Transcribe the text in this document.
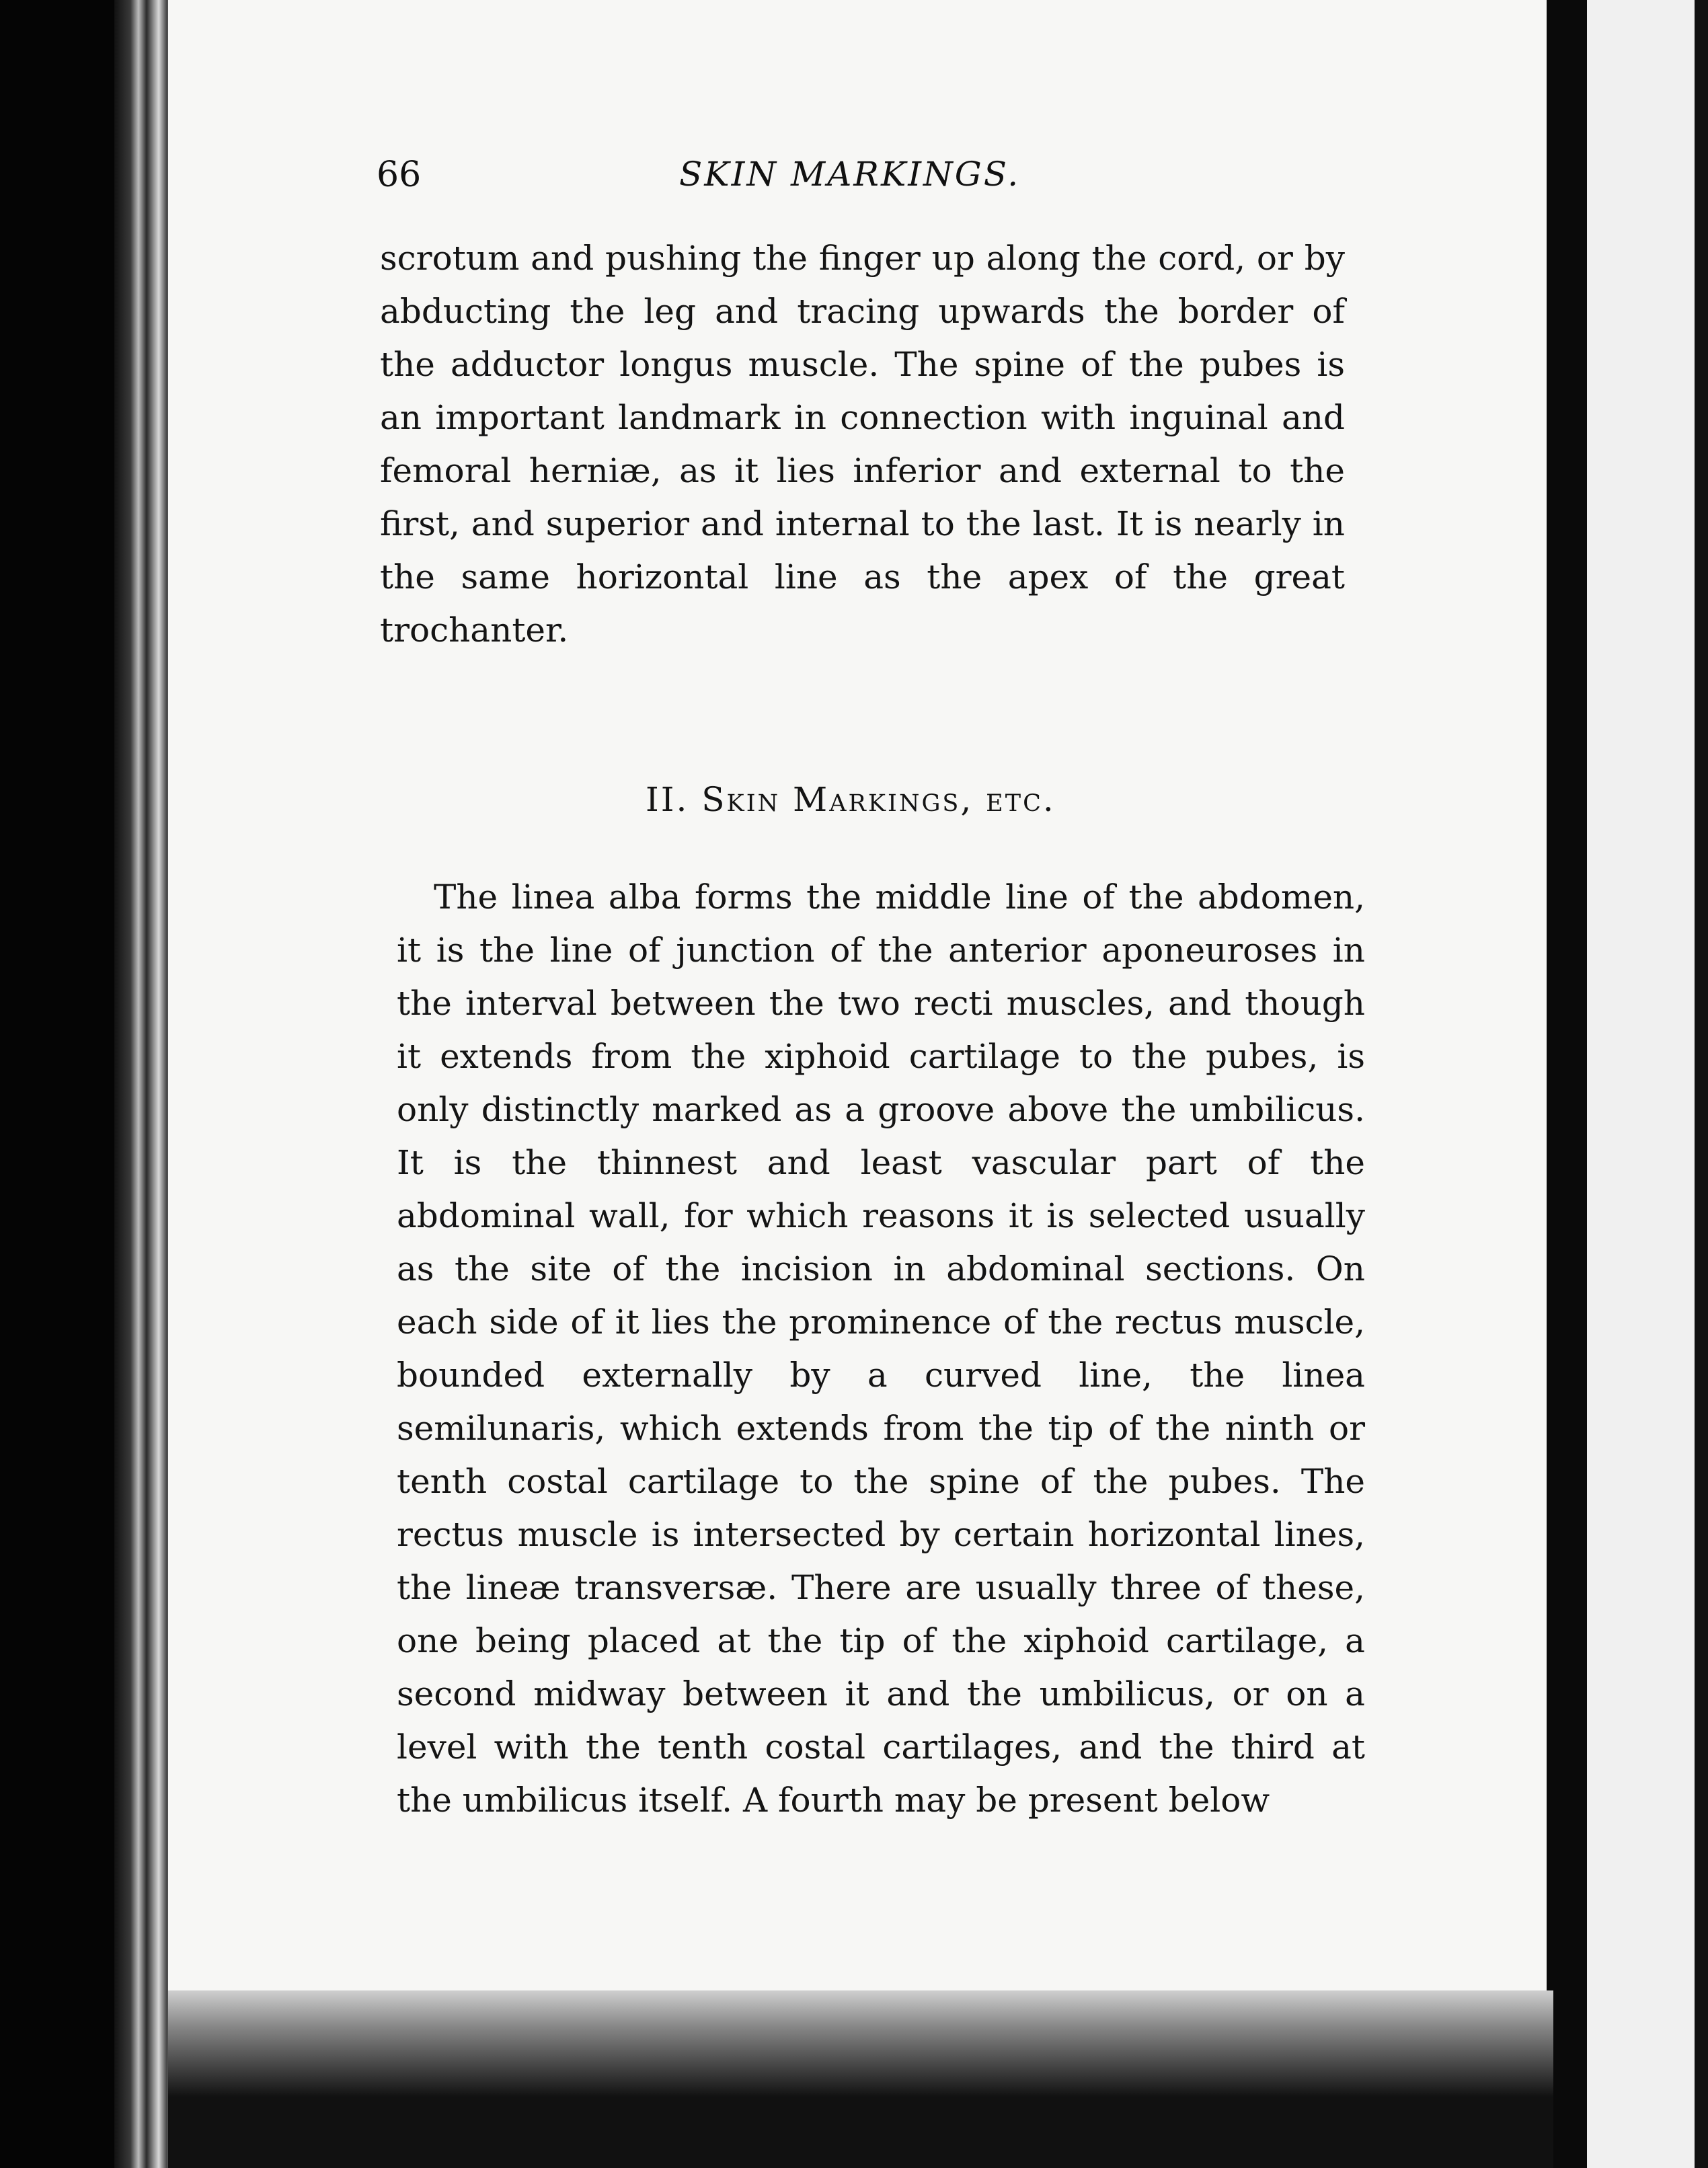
66	SKIN MARKINGS.

scrotum and pushing the finger up along the cord, or by abducting the leg and tracing upwards the border of the adductor longus muscle. The spine of the pubes is an important landmark in connection with inguinal and femoral herniæ, as it lies inferior and external to the first, and superior and internal to the last. It is nearly in the same horizontal line as the apex of the great trochanter.

II. Skin Markings, etc.

The linea alba forms the middle line of the abdomen, it is the line of junction of the anterior aponeuroses in the interval between the two recti muscles, and though it extends from the xiphoid cartilage to the pubes, is only distinctly marked as a groove above the umbilicus. It is the thinnest and least vascular part of the abdominal wall, for which reasons it is selected usually as the site of the incision in abdominal sections. On each side of it lies the prominence of the rectus muscle, bounded externally by a curved line, the linea semilunaris, which extends from the tip of the ninth or tenth costal cartilage to the spine of the pubes. The rectus muscle is intersected by certain horizontal lines, the lineæ transversæ. There are usually three of these, one being placed at the tip of the xiphoid cartilage, a second midway between it and the umbilicus, or on a level with the tenth costal cartilages, and the third at the umbilicus itself. A fourth may be present below
